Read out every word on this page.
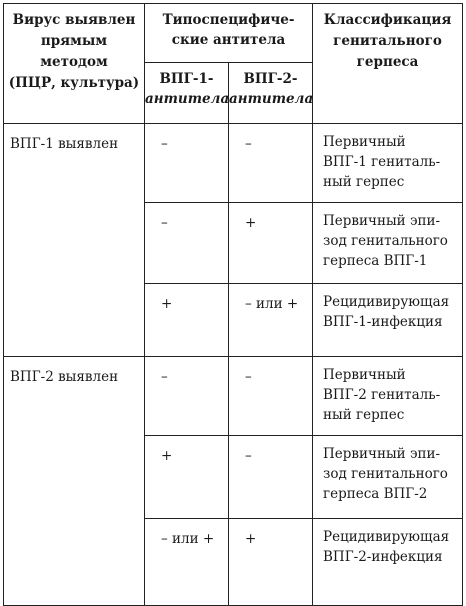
Вирус выявлен
прямым
методом
(ПЦР, культура)	Типоспецифиче-
ские антитела		Классификация
генитального
герпеса

	ВПГ-1-
антитела	ВПГ-2-
антитела	

ВПГ-1 выявлен	–	–	Первичный
ВПГ-1 гениталь-
ный герпес

	–	+	Первичный эпи-
зод генитального
герпеса ВПГ-1

	+	– или +	Рецидивирующая
ВПГ-1-инфекция

ВПГ-2 выявлен	–	–	Первичный
ВПГ-2 гениталь-
ный герпес

	+	–	Первичный эпи-
зод генитального
герпеса ВПГ-2

	– или +	+	Рецидивирующая
ВПГ-2-инфекция
